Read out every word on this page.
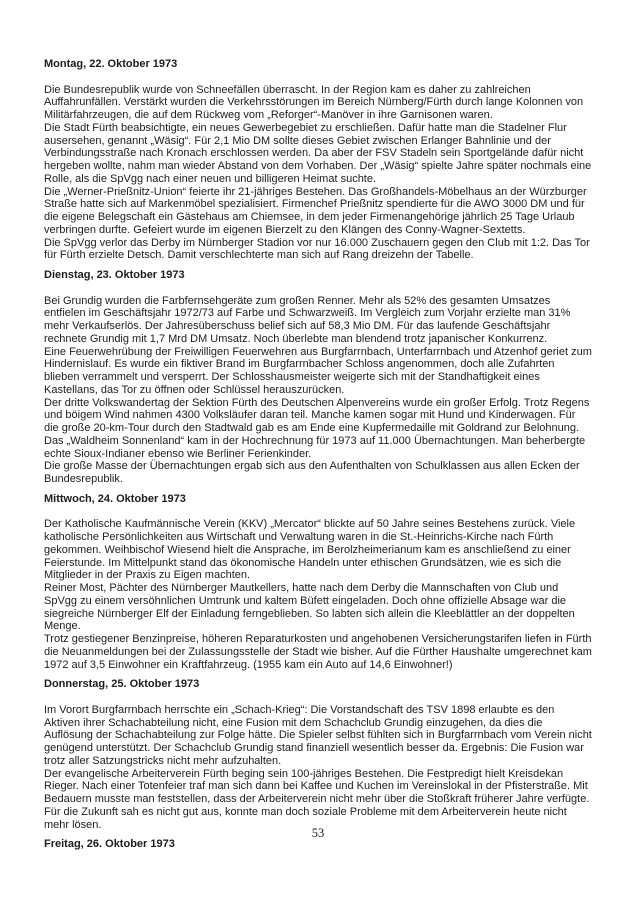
Montag, 22. Oktober 1973

Die Bundesrepublik wurde von Schneefällen überrascht. In der Region kam es daher zu zahlreichen Auffahrunfällen. Verstärkt wurden die Verkehrsstörungen im Bereich Nürnberg/Fürth durch lange Kolonnen von Militärfahrzeugen, die auf dem Rückweg vom „Reforger“-Manöver in ihre Garnisonen waren.

Die Stadt Fürth beabsichtigte, ein neues Gewerbegebiet zu erschließen. Dafür hatte man die Stadelner Flur ausersehen, genannt „Wäsig“. Für 2,1 Mio DM sollte dieses Gebiet zwischen Erlanger Bahnlinie und der Verbindungsstraße nach Kronach erschlossen werden. Da aber der FSV Stadeln sein Sportgelände dafür nicht hergeben wollte, nahm man wieder Abstand von dem Vorhaben. Der „Wäsig“ spielte Jahre später nochmals eine Rolle, als die SpVgg nach einer neuen und billigeren Heimat suchte.

Die „Werner-Prießnitz-Union“ feierte ihr 21-jähriges Bestehen. Das Großhandels-Möbelhaus an der Würzburger Straße hatte sich auf Markenmöbel spezialisiert. Firmenchef Prießnitz spendierte für die AWO 3000 DM und für die eigene Belegschaft ein Gästehaus am Chiemsee, in dem jeder Firmenangehörige jährlich 25 Tage Urlaub verbringen durfte. Gefeiert wurde im eigenen Bierzelt zu den Klängen des Conny-Wagner-Sextetts.

Die SpVgg verlor das Derby im Nürnberger Stadion vor nur 16.000 Zuschauern gegen den Club mit 1:2. Das Tor für Fürth erzielte Detsch. Damit verschlechterte man sich auf Rang dreizehn der Tabelle.

Dienstag, 23. Oktober 1973

Bei Grundig wurden die Farbfernsehgeräte zum großen Renner. Mehr als 52% des gesamten Umsatzes entfielen im Geschäftsjahr 1972/73 auf Farbe und Schwarzweiß. Im Vergleich zum Vorjahr erzielte man 31% mehr Verkaufserlös. Der Jahresüberschuss belief sich auf 58,3 Mio DM. Für das laufende Geschäftsjahr rechnete Grundig mit 1,7 Mrd DM Umsatz. Noch überlebte man blendend trotz japanischer Konkurrenz.

Eine Feuerwehrübung der Freiwilligen Feuerwehren aus Burgfarrnbach, Unterfarrnbach und Atzenhof geriet zum Hindernislauf. Es wurde ein fiktiver Brand im Burgfarrnbacher Schloss angenommen, doch alle Zufahrten blieben verrammelt und versperrt. Der Schlosshausmeister weigerte sich mit der Standhaftigkeit eines Kastellans, das Tor zu öffnen oder Schlüssel herauszurücken.

Der dritte Volkswandertag der Sektion Fürth des Deutschen Alpenvereins wurde ein großer Erfolg. Trotz Regens und böigem Wind nahmen 4300 Volksläufer daran teil. Manche kamen sogar mit Hund und Kinderwagen. Für die große 20-km-Tour durch den Stadtwald gab es am Ende eine Kupfermedaille mit Goldrand zur Belohnung.

Das „Waldheim Sonnenland“ kam in der Hochrechnung für 1973 auf 11.000 Übernachtungen. Man beherbergte echte Sioux-Indianer ebenso wie Berliner Ferienkinder.

Die große Masse der Übernachtungen ergab sich aus den Aufenthalten von Schulklassen aus allen Ecken der Bundesrepublik.

Mittwoch, 24. Oktober 1973

Der Katholische Kaufmännische Verein (KKV) „Mercator“ blickte auf 50 Jahre seines Bestehens zurück. Viele katholische Persönlichkeiten aus Wirtschaft und Verwaltung waren in die St.-Heinrichs-Kirche nach Fürth gekommen. Weihbischof Wiesend hielt die Ansprache, im Berolzheimerianum kam es anschließend zu einer Feierstunde. Im Mittelpunkt stand das ökonomische Handeln unter ethischen Grundsätzen, wie es sich die Mitglieder in der Praxis zu Eigen machten.

Reiner Most, Pächter des Nürnberger Mautkellers, hatte nach dem Derby die Mannschaften von Club und SpVgg zu einem versöhnlichen Umtrunk und kaltem Büfett eingeladen. Doch ohne offizielle Absage war die siegreiche Nürnberger Elf der Einladung ferngeblieben. So labten sich allein die Kleeblättler an der doppelten Menge.

Trotz gestiegener Benzinpreise, höheren Reparaturkosten und angehobenen Versicherungstarifen liefen in Fürth die Neuanmeldungen bei der Zulassungsstelle der Stadt wie bisher. Auf die Fürther Haushalte umgerechnet kam 1972 auf 3,5 Einwohner ein Kraftfahrzeug. (1955 kam ein Auto auf 14,6 Einwohner!)

Donnerstag, 25. Oktober 1973

Im Vorort Burgfarrnbach herrschte ein „Schach-Krieg“: Die Vorstandschaft des TSV 1898 erlaubte es den Aktiven ihrer Schachabteilung nicht, eine Fusion mit dem Schachclub Grundig einzugehen, da dies die Auflösung der Schachabteilung zur Folge hätte. Die Spieler selbst fühlten sich in Burgfarrnbach vom Verein nicht genügend unterstützt. Der Schachclub Grundig stand finanziell wesentlich besser da. Ergebnis: Die Fusion war trotz aller Satzungstricks nicht mehr aufzuhalten.

Der evangelische Arbeiterverein Fürth beging sein 100-jähriges Bestehen. Die Festpredigt hielt Kreisdekan Rieger. Nach einer Totenfeier traf man sich dann bei Kaffee und Kuchen im Vereinslokal in der Pfisterstraße. Mit Bedauern musste man feststellen, dass der Arbeiterverein nicht mehr über die Stoßkraft früherer Jahre verfügte. Für die Zukunft sah es nicht gut aus, konnte man doch soziale Probleme mit dem Arbeiterverein heute nicht mehr lösen.

Freitag, 26. Oktober 1973
53
